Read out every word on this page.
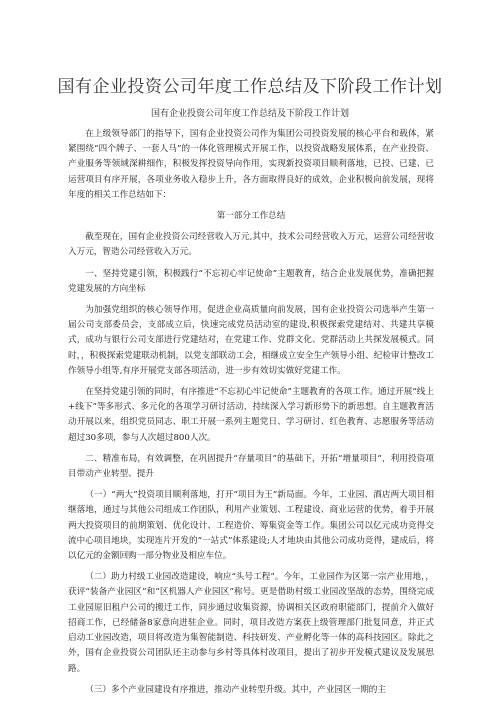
国有企业投资公司年度工作总结及下阶段工作计划
国有企业投资公司年度工作总结及下阶段工作计划

在上级领导部门的指导下，国有企业投资公司作为集团公司投资发展的核心平台和载体，紧紧围绕“四个牌子、一套人马”的一体化管理模式开展工作，以投资战略发展体系，在产业投资、产业服务等领域深耕细作，积极发挥投资导向作用，实现新投资项目顺利落地，已投、已建、已运营项目有序开展，各项业务收入稳步上升，各方面取得良好的成效，企业积极向前发展，现将年度的相关工作总结如下：

第一部分工作总结

截至现在，国有企业投资公司经营收入万元,其中，技术公司经营收入万元，运营公司经营收入万元，智造公司经营收入万元。

一、坚持党建引领，积极践行“不忘初心牢记使命”主题教育，结合企业发展优势，准确把握党建发展的方向坐标

为加强党组织的核心领导作用，促进企业高质量向前发展，国有企业投资公司选举产生第一届公司支部委员会，支部成立后，快速完成党员活动室的建设,积极探索党建结对、共建共享模式，成功与银行公司支部进行党建结对，在党建工作、党群文化、党群活动上共探发展模式。同时，，积极探索党建联动机制，以党支部联动工会，相继成立安全生产领导小组、纪检审计整改工作领导小组等,有序开展党支部各项活动，进一步有效切实做好党建工作。

在坚持党建引领的同时，有序推进“不忘初心牢记使命”主题教育的各项工作。通过开展“线上+线下”等多形式、多元化的各项学习研讨活动，持续深入学习新形势下的新思想。自主题教育活动开展以来，组织党员同志、职工开展一系列主题党日、学习研讨、红色教育、志愿服务等活动超过30多项，参与人次超过800人次。

二、精准布局，有效调整，在巩固提升“存量项目”的基础下，开拓“增量项目”，利用投资项目带动产业转型、提升

（一）“两大”投资项目顺利落地，打开“项目为王”新局面。今年，工业园、酒店两大项目相继落地，通过与其他公司组成工作团队，利用产业策划、工程建设、商业运营的优势，着手开展两大投资项目的前期策划、优化设计、工程造价、筹集资金等工作。集团公司以亿元成功竞得交流中心项目地块，实现连片开发的“一站式”体系建设;人才地块由其他公司成功竞得，建成后，将以亿元的金额回购一部分物业及相应车位。

（二）助力村级工业园改造建设，响应“头号工程”。今年，工业园作为区第一宗产业用地，，获评“装备产业园区”和“区机器人产业园区”称号。更是借助村级工业园改坚战的态势，围绕完成工业园原旧租户公司的搬迁工作，同步通过收集资源，协调相关区政府职能部门，提前介入做好招商工作，已经储备8家意向进驻企业。同时，项目改造方案获上级管理部门批复同意，并正式启动工业园改造，项目将改造为集智能制造、科技研发、产业孵化等一体的高科技园区。除此之外，国有企业投资公司团队还主动参与乡村等具体村改项目，提出了初步开发模式建议及发展思路。

（三）多个产业园建设有序推进，推动产业转型升级。其中，产业园区一期的主
